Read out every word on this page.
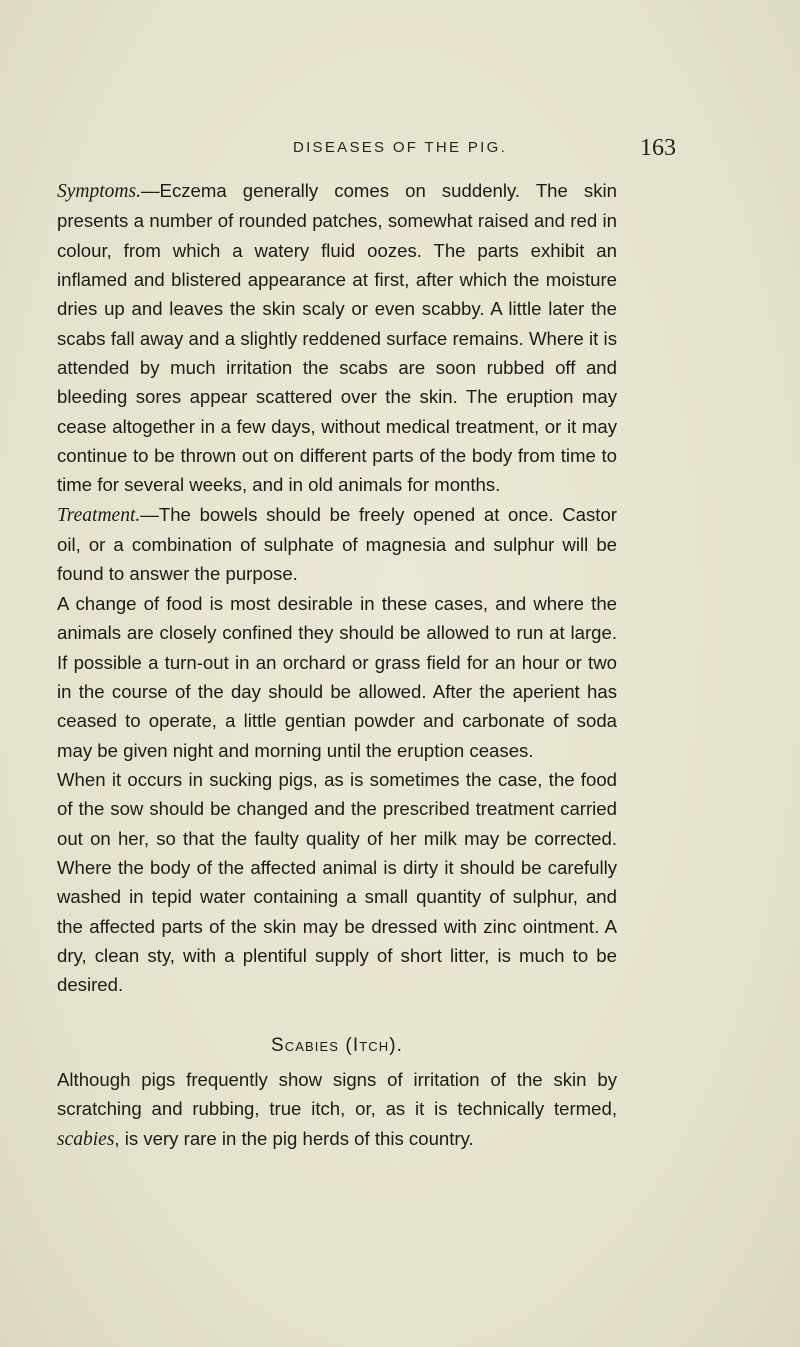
DISEASES OF THE PIG.	163

Symptoms.—Eczema generally comes on suddenly. The skin presents a number of rounded patches, somewhat raised and red in colour, from which a watery fluid oozes. The parts exhibit an inflamed and blistered appearance at first, after which the moisture dries up and leaves the skin scaly or even scabby. A little later the scabs fall away and a slightly reddened surface remains. Where it is attended by much irritation the scabs are soon rubbed off and bleeding sores appear scattered over the skin. The eruption may cease altogether in a few days, without medical treatment, or it may continue to be thrown out on different parts of the body from time to time for several weeks, and in old animals for months.

Treatment.—The bowels should be freely opened at once. Castor oil, or a combination of sulphate of magnesia and sulphur will be found to answer the purpose.

A change of food is most desirable in these cases, and where the animals are closely confined they should be allowed to run at large. If possible a turn-out in an orchard or grass field for an hour or two in the course of the day should be allowed. After the aperient has ceased to operate, a little gentian powder and carbonate of soda may be given night and morning until the eruption ceases.

When it occurs in sucking pigs, as is sometimes the case, the food of the sow should be changed and the prescribed treatment carried out on her, so that the faulty quality of her milk may be corrected. Where the body of the affected animal is dirty it should be carefully washed in tepid water containing a small quantity of sulphur, and the affected parts of the skin may be dressed with zinc ointment. A dry, clean sty, with a plentiful supply of short litter, is much to be desired.

Scabies (Itch).

Although pigs frequently show signs of irritation of the skin by scratching and rubbing, true itch, or, as it is technically termed, scabies, is very rare in the pig herds of this country.
